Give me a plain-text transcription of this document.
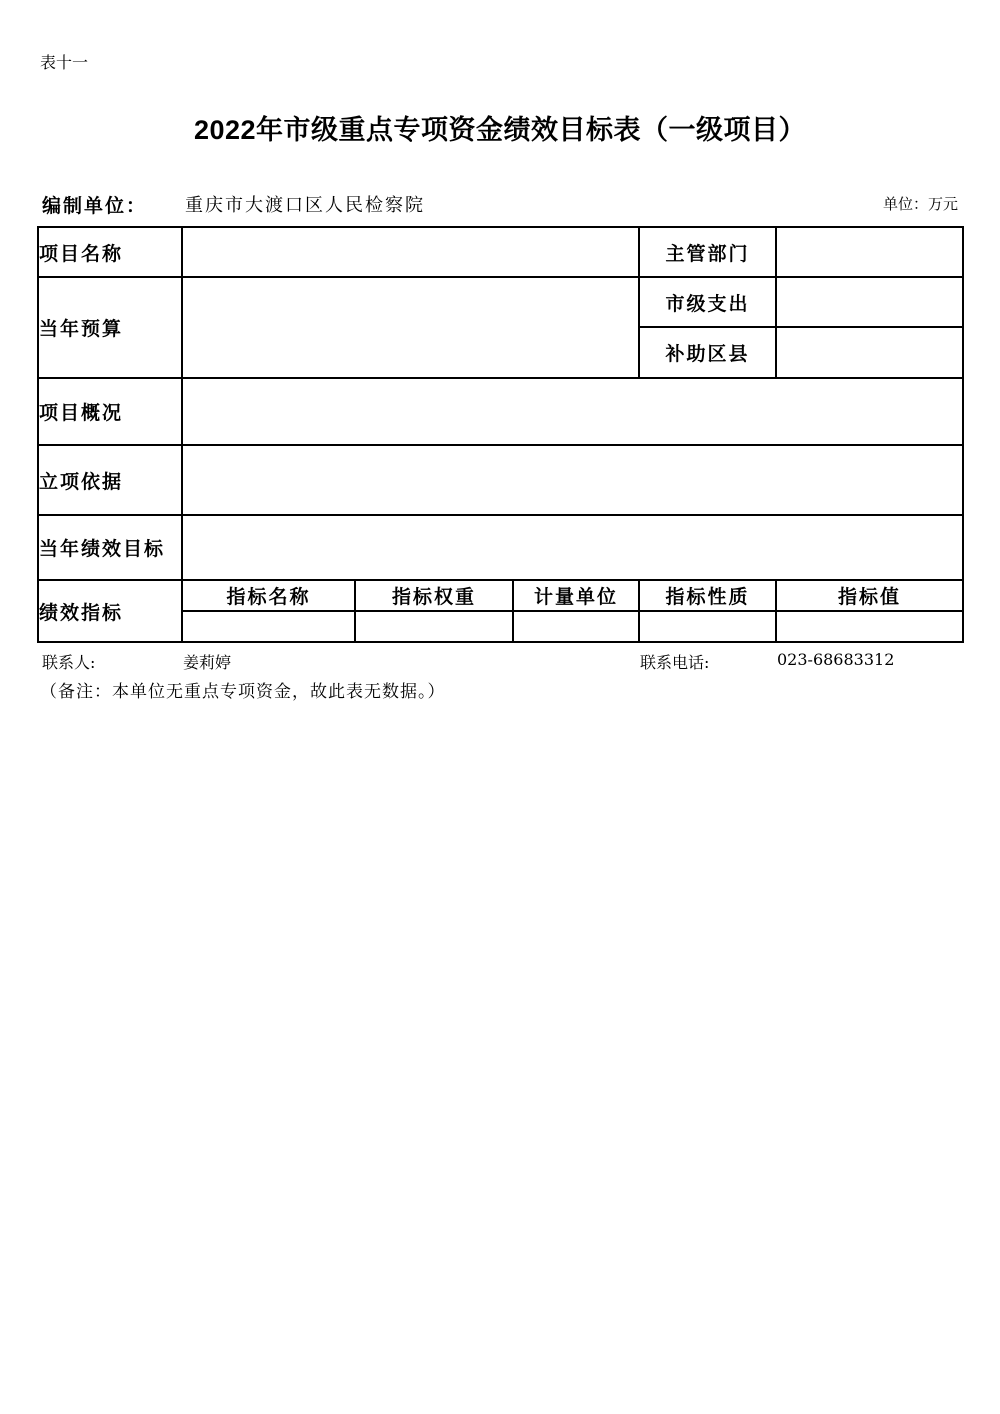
表十一
2022年市级重点专项资金绩效目标表（一级项目）
编制单位： 重庆市大渡口区人民检察院	单位：万元
项目名称				主管部门	
当年预算				市级支出	
				补助区县	
项目概况					
立项依据					
当年绩效目标					
绩效指标	指标名称	指标权重	计量单位	指标性质	指标值

联系人:	姜莉婷	联系电话:	023-68683312
（备注：本单位无重点专项资金，故此表无数据。）
